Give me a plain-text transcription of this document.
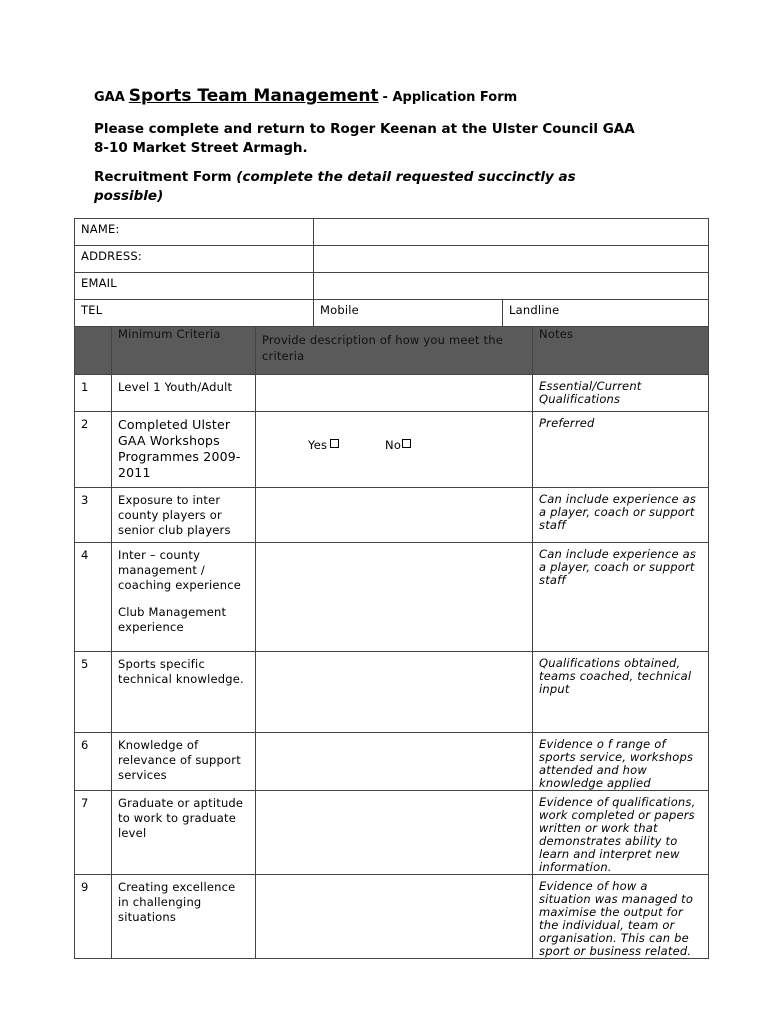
GAA Sports Team Management - Application Form
Please complete and return to Roger Keenan at the Ulster Council GAA
8-10 Market Street Armagh.
Recruitment Form (complete the detail requested succinctly as possible)
NAME:					
ADDRESS:					
EMAIL					
TEL			Mobile	Landline	
	Minimum Criteria	Provide description of how you meet the criteria			Notes
1	Level 1 Youth/Adult				Essential/Current Qualifications
2	Completed Ulster GAA Workshops Programmes 2009-2011	Yes No			Preferred
3	Exposure to inter county players or senior club players				Can include experience as a player, coach or support staff
4	Inter – county management / coaching experience
Club Management experience				Can include experience as a player, coach or support staff
5	Sports specific technical knowledge.				Qualifications obtained, teams coached, technical input
6	Knowledge of relevance of support services				Evidence o f range of sports service, workshops attended and how knowledge applied
7	Graduate or aptitude to work to graduate level				Evidence of qualifications, work completed or papers written or work that demonstrates ability to learn and interpret new information.
9	Creating excellence in challenging situations				Evidence of how a situation was managed to maximise the output for the individual, team or organisation. This can be sport or business related.
